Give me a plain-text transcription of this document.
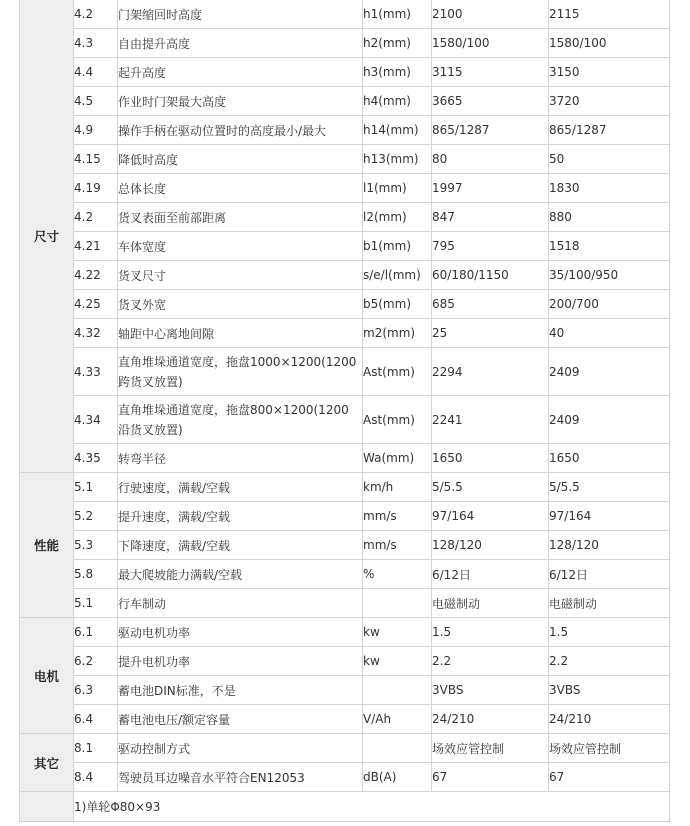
尺寸	4.2	门架缩回时高度	h1(mm)	2100	2115
	4.3	自由提升高度	h2(mm)	1580/100	1580/100
	4.4	起升高度	h3(mm)	3115	3150
	4.5	作业时门架最大高度	h4(mm)	3665	3720
	4.9	操作手柄在驱动位置时的高度最小/最大	h14(mm)	865/1287	865/1287
	4.15	降低时高度	h13(mm)	80	50
	4.19	总体长度	l1(mm)	1997	1830
	4.2	货叉表面至前部距离	l2(mm)	847	880
	4.21	车体宽度	b1(mm)	795	1518
	4.22	货叉尺寸	s/e/l(mm)	60/180/1150	35/100/950
	4.25	货叉外宽	b5(mm)	685	200/700
	4.32	轴距中心离地间隙	m2(mm)	25	40
	4.33	直角堆垛通道宽度，拖盘1000×1200(1200跨货叉放置)	Ast(mm)	2294	2409
	4.34	直角堆垛通道宽度，拖盘800×1200(1200沿货叉放置)	Ast(mm)	2241	2409
	4.35	转弯半径	Wa(mm)	1650	1650
性能	5.1	行驶速度，满载/空载	km/h	5/5.5	5/5.5
	5.2	提升速度，满载/空载	mm/s	97/164	97/164
	5.3	下降速度，满载/空载	mm/s	128/120	128/120
	5.8	最大爬坡能力满载/空载	%	6/12日	6/12日
	5.1	行车制动		电磁制动	电磁制动
电机	6.1	驱动电机功率	kw	1.5	1.5
	6.2	提升电机功率	kw	2.2	2.2
	6.3	蓄电池DIN标准，不是		3VBS	3VBS
	6.4	蓄电池电压/额定容量	V/Ah	24/210	24/210
其它	8.1	驱动控制方式		场效应管控制	场效应管控制
	8.4	驾驶员耳边噪音水平符合EN12053	dB(A)	67	67
	1)单轮Φ80×93				
